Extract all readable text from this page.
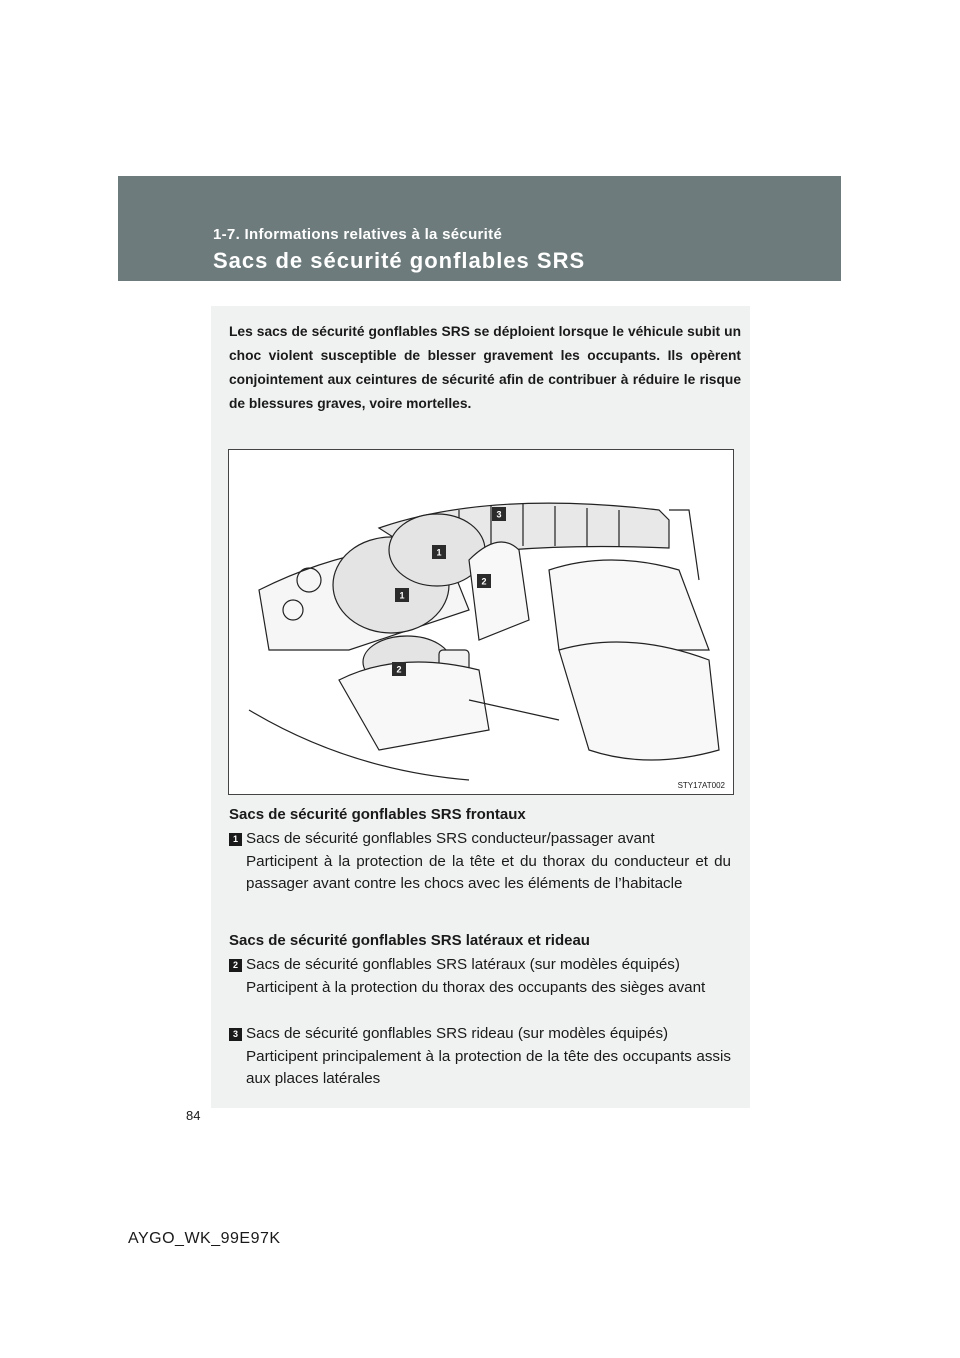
1-7. Informations relatives à la sécurité
Sacs de sécurité gonflables SRS
84
Les sacs de sécurité gonflables SRS se déploient lorsque le véhicule subit un choc violent susceptible de blesser gravement les occupants. Ils opèrent conjointement aux ceintures de sécurité afin de contribuer à réduire le risque de blessures graves, voire mortelles.
1
1
2
2
3
STY17AT002
Sacs de sécurité gonflables SRS frontaux
1 Sacs de sécurité gonflables SRS conducteur/passager avant
Participent à la protection de la tête et du thorax du conducteur et du passager avant contre les chocs avec les éléments de l’habitacle
Sacs de sécurité gonflables SRS latéraux et rideau
2 Sacs de sécurité gonflables SRS latéraux (sur modèles équipés)
Participent à la protection du thorax des occupants des sièges avant
3 Sacs de sécurité gonflables SRS rideau (sur modèles équipés)
Participent principalement à la protection de la tête des occupants assis aux places latérales
AYGO_WK_99E97K
